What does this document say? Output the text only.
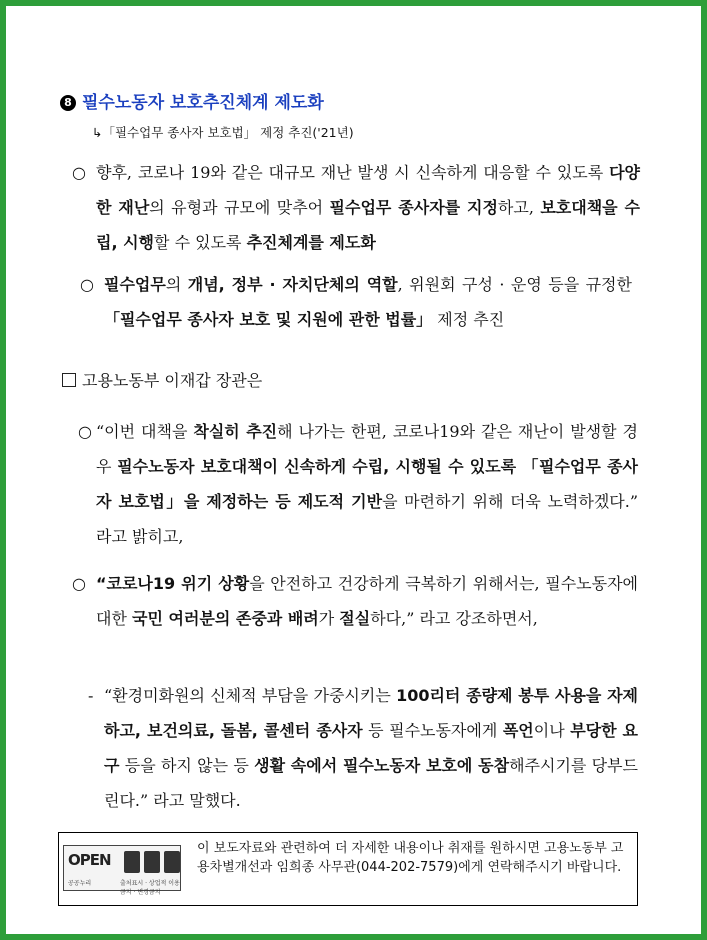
8 필수노동자 보호추진체계 제도화
↳「필수업무 종사자 보호법」 제정 추진('21년)
○ 향후, 코로나 19와 같은 대규모 재난 발생 시 신속하게 대응할 수 있도록 다양한 재난의 유형과 규모에 맞추어 필수업무 종사자를 지정하고, 보호대책을 수립, 시행할 수 있도록 추진체계를 제도화
○ 필수업무의 개념, 정부 · 자치단체의 역할, 위원회 구성 · 운영 등을 규정한 「필수업무 종사자 보호 및 지원에 관한 법률」 제정 추진
고용노동부 이재갑 장관은
○ “이번 대책을 착실히 추진해 나가는 한편, 코로나19와 같은 재난이 발생할 경우 필수노동자 보호대책이 신속하게 수립, 시행될 수 있도록 「필수업무 종사자 보호법」을 제정하는 등 제도적 기반을 마련하기 위해 더욱 노력하겠다.” 라고 밝히고,
○ “코로나19 위기 상황을 안전하고 건강하게 극복하기 위해서는, 필수노동자에 대한 국민 여러분의 존중과 배려가 절실하다,” 라고 강조하면서,
- “환경미화원의 신체적 부담을 가중시키는 100리터 종량제 봉투 사용을 자제하고, 보건의료, 돌봄, 콜센터 종사자 등 필수노동자에게 폭언이나 부당한 요구 등을 하지 않는 등 생활 속에서 필수노동자 보호에 동참해주시기를 당부드린다.” 라고 말했다.
OPEN
공공누리	출처표시 · 상업적 이용금지 · 변경금지
이 보도자료와 관련하여 더 자세한 내용이나 취재를 원하시면 고용노동부 고용차별개선과 임희종 사무관(044-202-7579)에게 연락해주시기 바랍니다.
